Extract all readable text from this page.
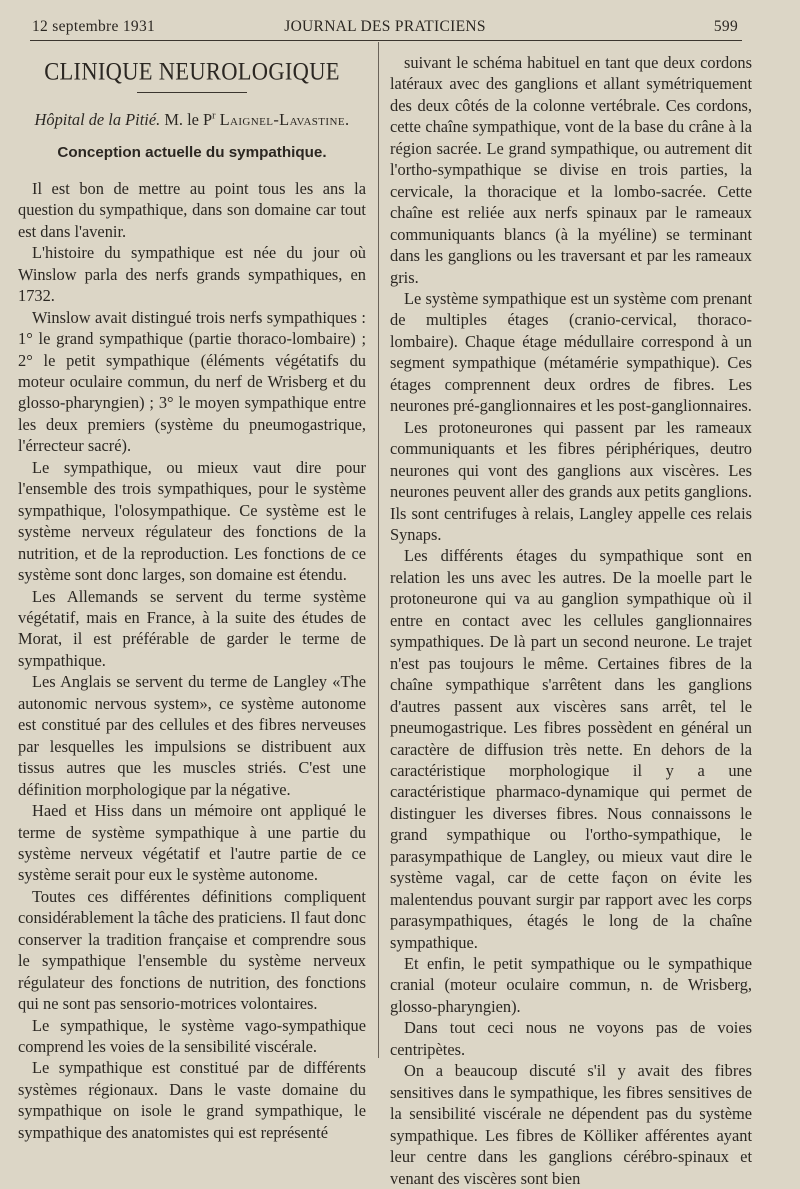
12 septembre 1931	JOURNAL DES PRATICIENS	599
CLINIQUE NEUROLOGIQUE
Hôpital de la Pitié. M. le $P^r$ Laignel-Lavastine.
Conception actuelle du sympathique.

Il est bon de mettre au point tous les ans la question du sympathique, dans son domaine car tout est dans l'avenir.

L'histoire du sympathique est née du jour où Winslow parla des nerfs grands sympathiques, en 1732.

Winslow avait distingué trois nerfs sympathiques : 1° le grand sympathique (partie thoraco-lombaire) ; 2° le petit sympathique (éléments végétatifs du moteur oculaire commun, du nerf de Wrisberg et du glosso-pharyngien) ; 3° le moyen sympathique entre les deux premiers (système du pneumogastrique, l'érrecteur sacré).

Le sympathique, ou mieux vaut dire pour l'ensemble des trois sympathiques, pour le système sympathique, l'olosympathique. Ce système est le système nerveux régulateur des fonctions de la nutrition, et de la reproduction. Les fonctions de ce système sont donc larges, son domaine est étendu.

Les Allemands se servent du terme système végétatif, mais en France, à la suite des études de Morat, il est préférable de garder le terme de sympathique.

Les Anglais se servent du terme de Langley «The autonomic nervous system», ce système autonome est constitué par des cellules et des fibres nerveuses par lesquelles les impulsions se distribuent aux tissus autres que les muscles striés. C'est une définition morphologique par la négative.

Haed et Hiss dans un mémoire ont appliqué le terme de système sympathique à une partie du système nerveux végétatif et l'autre partie de ce système serait pour eux le système autonome.

Toutes ces différentes définitions compliquent considérablement la tâche des praticiens. Il faut donc conserver la tradition française et comprendre sous le sympathique l'ensemble du système nerveux régulateur des fonctions de nutrition, des fonctions qui ne sont pas sensorio-motrices volontaires.

Le sympathique, le système vago-sympathique comprend les voies de la sensibilité viscérale.

Le sympathique est constitué par de différents systèmes régionaux. Dans le vaste domaine du sympathique on isole le grand sympathique, le sympathique des anatomistes qui est représenté

suivant le schéma habituel en tant que deux cordons latéraux avec des ganglions et allant symétriquement des deux côtés de la colonne vertébrale. Ces cordons, cette chaîne sympathique, vont de la base du crâne à la région sacrée. Le grand sympathique, ou autrement dit l'ortho-sympathique se divise en trois parties, la cervicale, la thoracique et la lombo-sacrée. Cette chaîne est reliée aux nerfs spinaux par le rameaux communiquants blancs (à la myéline) se terminant dans les ganglions ou les traversant et par les rameaux gris.

Le système sympathique est un système com prenant de multiples étages (cranio-cervical, thoraco-lombaire). Chaque étage médullaire correspond à un segment sympathique (métamérie sympathique). Ces étages comprennent deux ordres de fibres. Les neurones pré-ganglionnaires et les post-ganglionnaires.

Les protoneurones qui passent par les rameaux communiquants et les fibres périphériques, deutro neurones qui vont des ganglions aux viscères. Les neurones peuvent aller des grands aux petits ganglions. Ils sont centrifuges à relais, Langley appelle ces relais Synaps.

Les différents étages du sympathique sont en relation les uns avec les autres. De la moelle part le protoneurone qui va au ganglion sympathique où il entre en contact avec les cellules ganglionnaires sympathiques. De là part un second neurone. Le trajet n'est pas toujours le même. Certaines fibres de la chaîne sympathique s'arrêtent dans les ganglions d'autres passent aux viscères sans arrêt, tel le pneumogastrique. Les fibres possèdent en général un caractère de diffusion très nette. En dehors de la caractéristique morphologique il y a une caractéristique pharmaco-dynamique qui permet de distinguer les diverses fibres. Nous connaissons le grand sympathique ou l'ortho-sympathique, le parasympathique de Langley, ou mieux vaut dire le système vagal, car de cette façon on évite les malentendus pouvant surgir par rapport avec les corps parasympathiques, étagés le long de la chaîne sympathique.

Et enfin, le petit sympathique ou le sympathique cranial (moteur oculaire commun, n. de Wrisberg, glosso-pharyngien).

Dans tout ceci nous ne voyons pas de voies centripètes.

On a beaucoup discuté s'il y avait des fibres sensitives dans le sympathique, les fibres sensitives de la sensibilité viscérale ne dépendent pas du système sympathique. Les fibres de Kölliker afférentes ayant leur centre dans les ganglions cérébro-spinaux et venant des viscères sont bien
